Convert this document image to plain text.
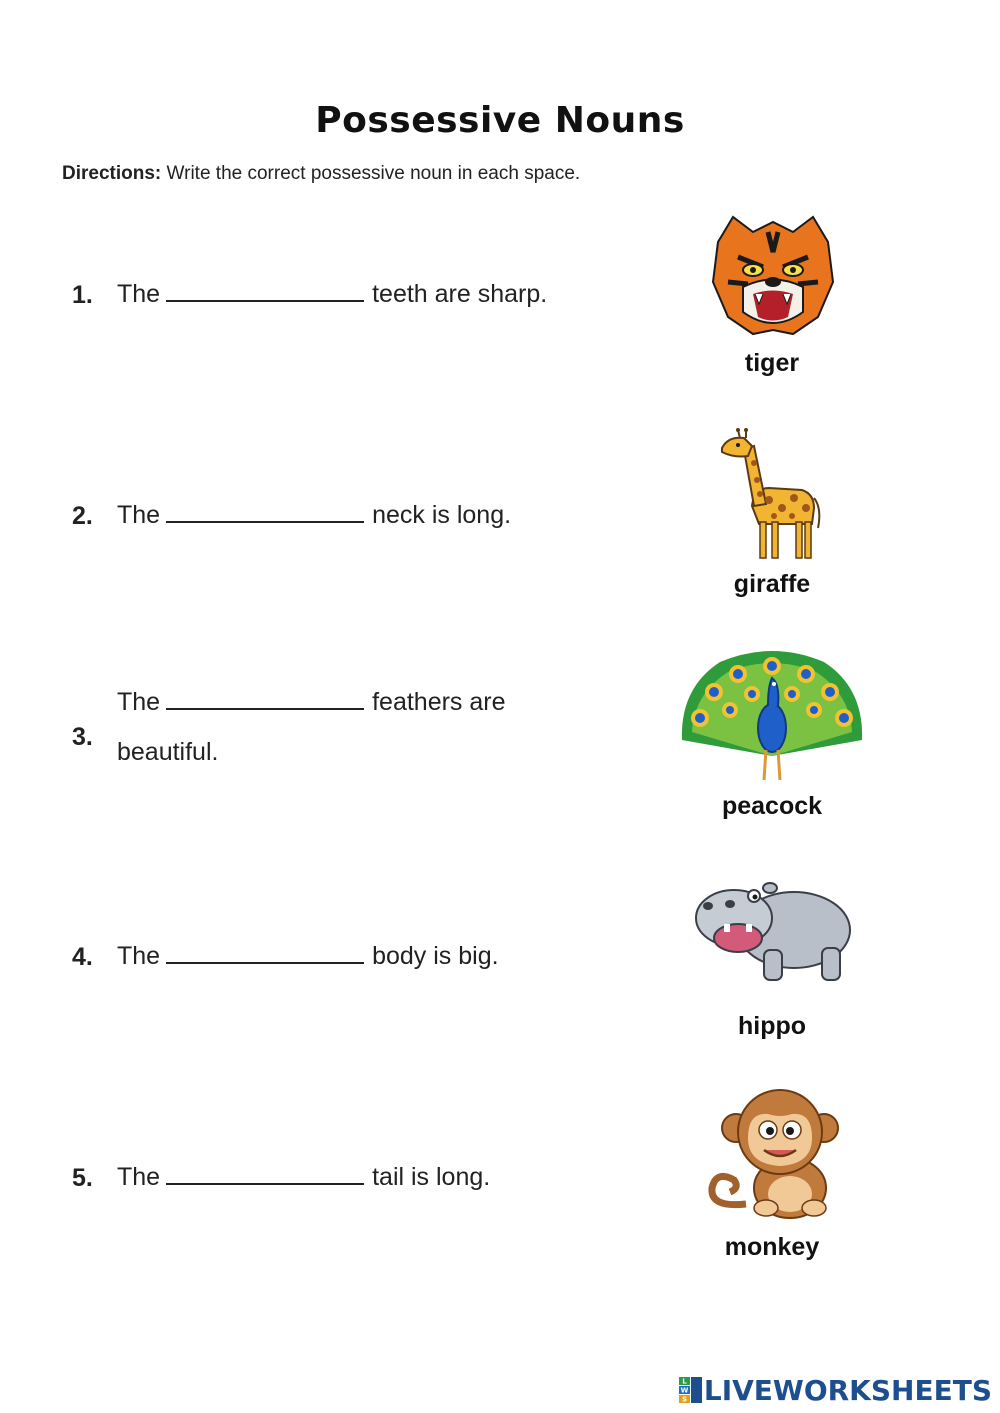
Possessive Nouns
Directions: Write the correct possessive noun in each space.
1. The	teeth are sharp.
2. The	neck is long.
3.
The	feathers are
beautiful.
4. The	body is big.
5. The	tail is long.
tiger
giraffe
peacock
hippo
monkey
L
W
S LIVEWORKSHEETS
